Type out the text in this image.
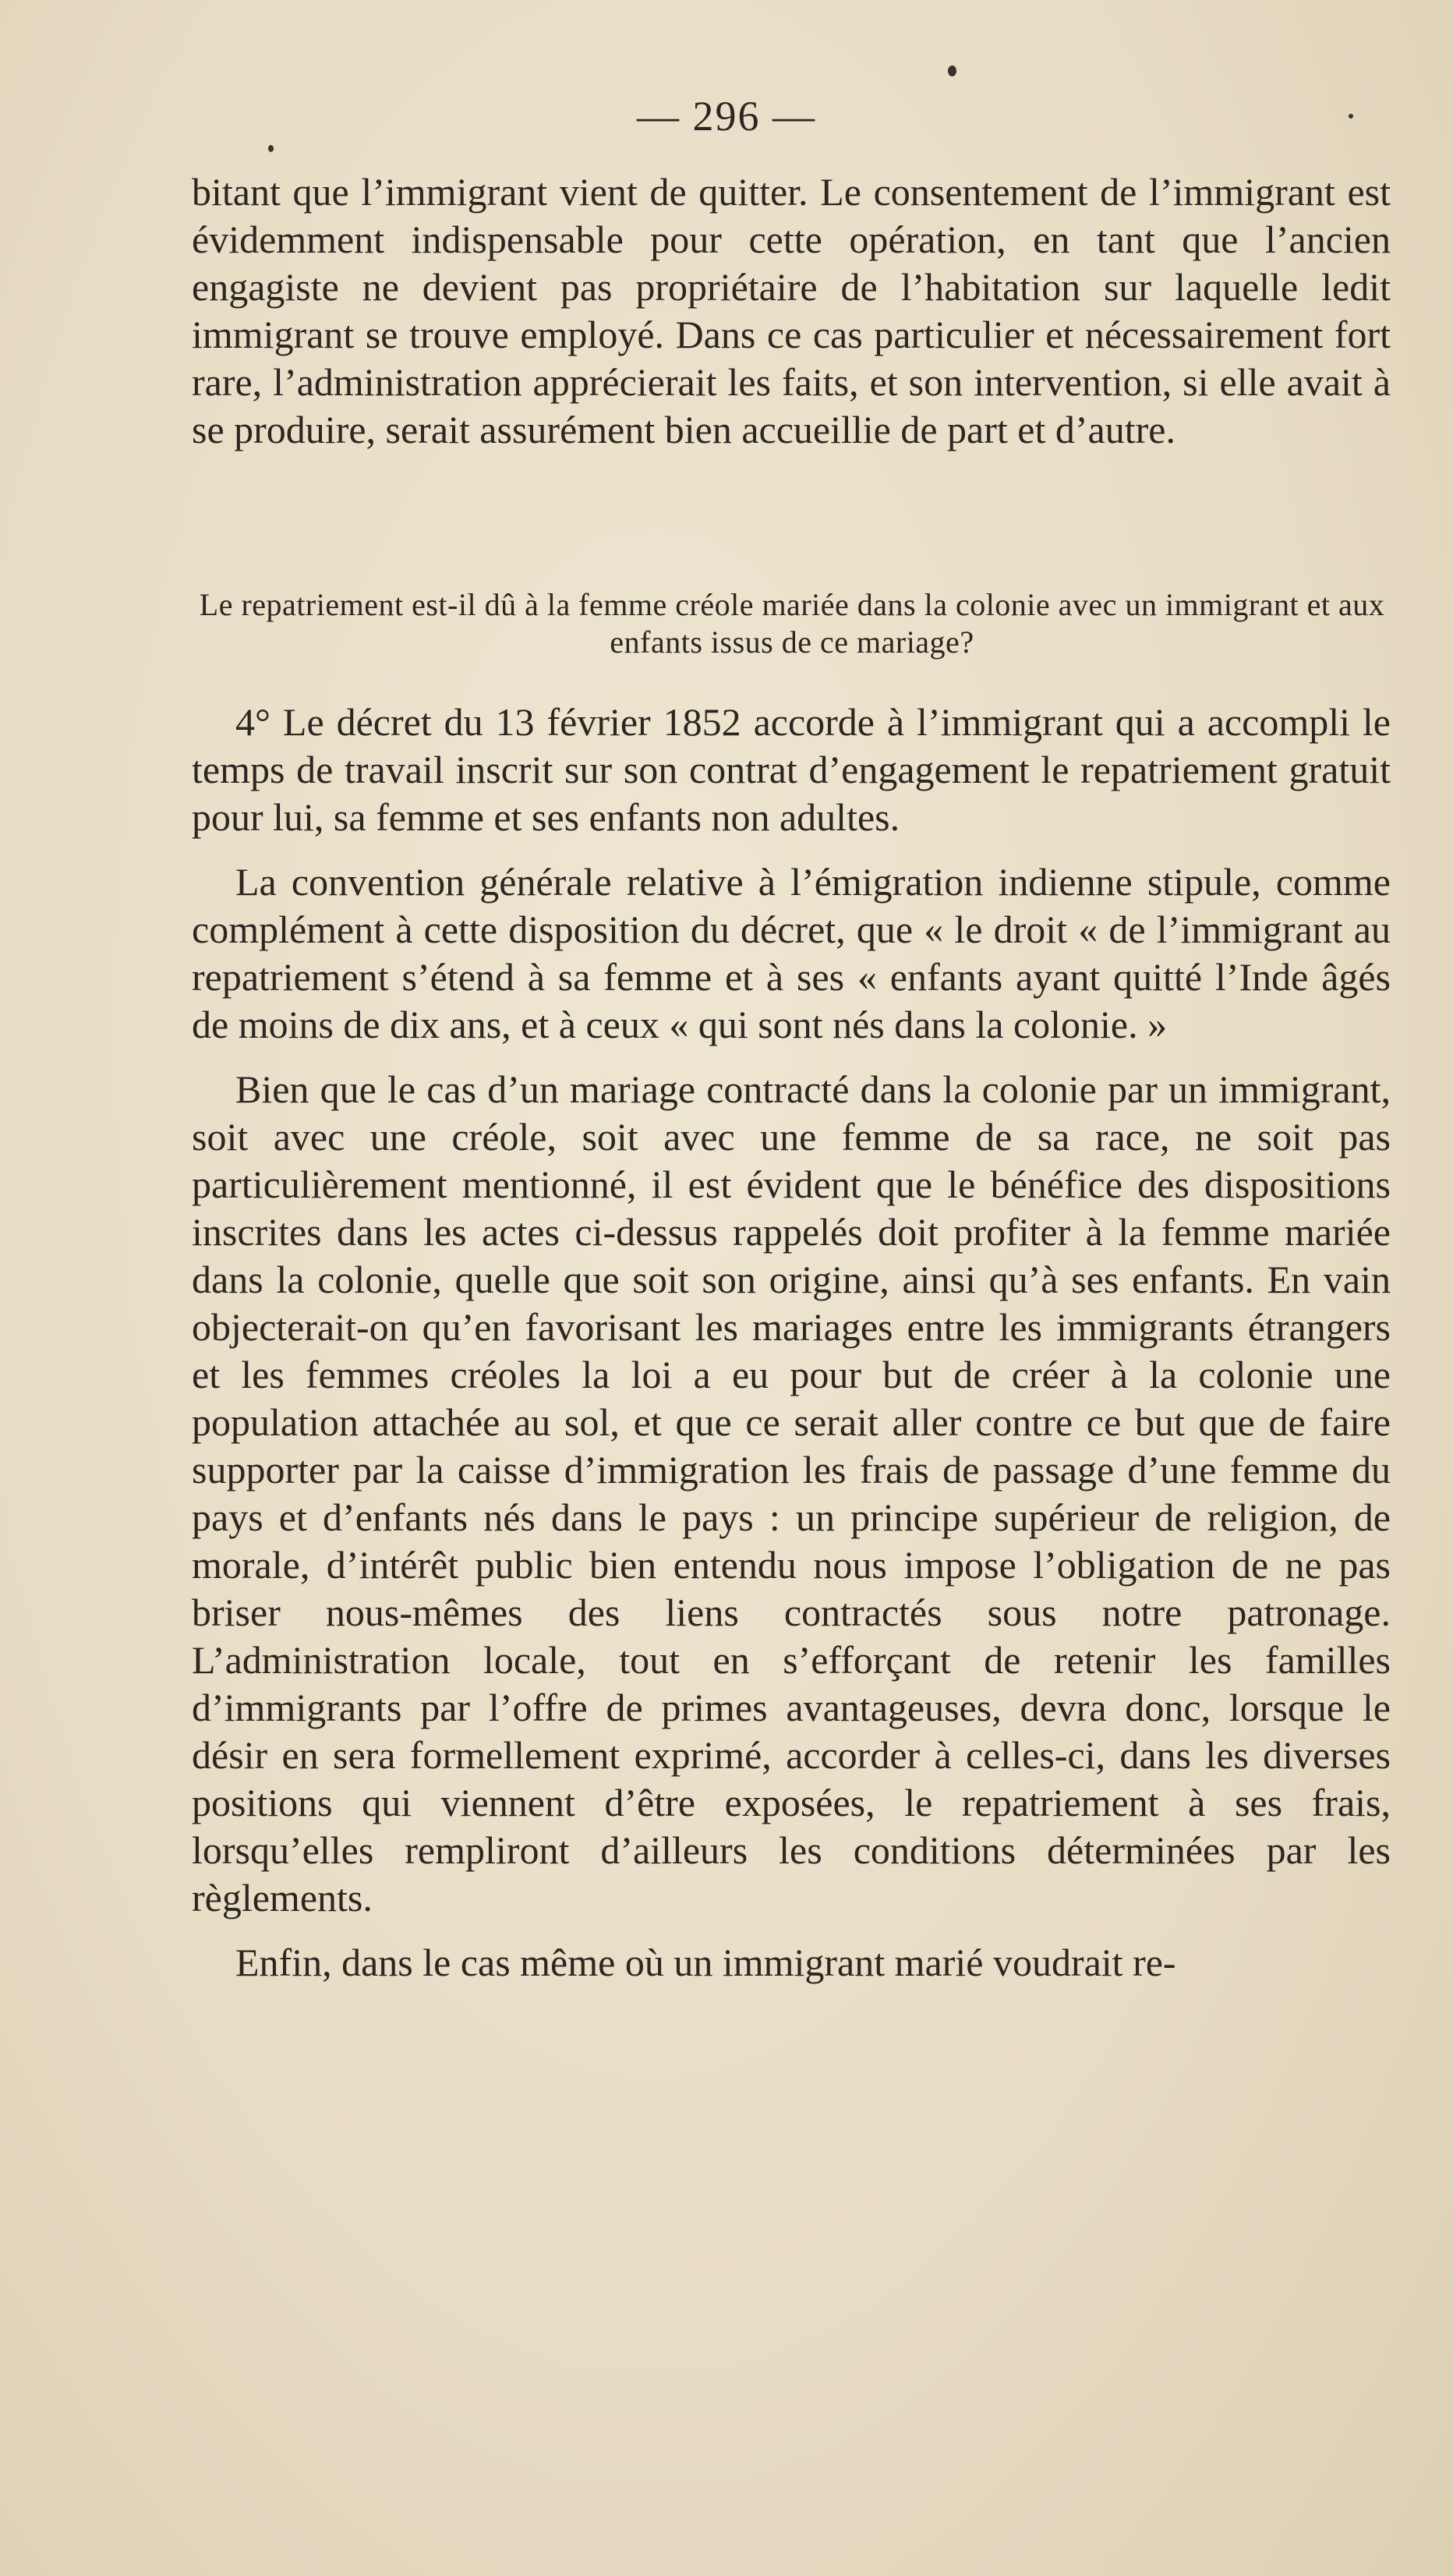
— 296 —

bitant que l’immigrant vient de quitter. Le consentement de l’immigrant est évidemment indispensable pour cette opération, en tant que l’ancien engagiste ne devient pas propriétaire de l’habitation sur laquelle ledit immigrant se trouve employé. Dans ce cas particulier et nécessairement fort rare, l’administration apprécierait les faits, et son intervention, si elle avait à se produire, serait assurément bien accueillie de part et d’autre.

Le repatriement est-il dû à la femme créole mariée dans la colonie avec un immigrant et aux enfants issus de ce mariage?

4° Le décret du 13 février 1852 accorde à l’immigrant qui a accompli le temps de travail inscrit sur son contrat d’engagement le repatriement gratuit pour lui, sa femme et ses enfants non adultes.

La convention générale relative à l’émigration indienne stipule, comme complément à cette disposition du décret, que « le droit « de l’immigrant au repatriement s’étend à sa femme et à ses « enfants ayant quitté l’Inde âgés de moins de dix ans, et à ceux « qui sont nés dans la colonie. »

Bien que le cas d’un mariage contracté dans la colonie par un immigrant, soit avec une créole, soit avec une femme de sa race, ne soit pas particulièrement mentionné, il est évident que le bénéfice des dispositions inscrites dans les actes ci-dessus rappelés doit profiter à la femme mariée dans la colonie, quelle que soit son origine, ainsi qu’à ses enfants. En vain objecterait-on qu’en favorisant les mariages entre les immigrants étrangers et les femmes créoles la loi a eu pour but de créer à la colonie une population attachée au sol, et que ce serait aller contre ce but que de faire supporter par la caisse d’immigration les frais de passage d’une femme du pays et d’enfants nés dans le pays : un principe supérieur de religion, de morale, d’intérêt public bien entendu nous impose l’obligation de ne pas briser nous-mêmes des liens contractés sous notre patronage. L’administration locale, tout en s’efforçant de retenir les familles d’immigrants par l’offre de primes avantageuses, devra donc, lorsque le désir en sera formellement exprimé, accorder à celles-ci, dans les diverses positions qui viennent d’être exposées, le repatriement à ses frais, lorsqu’elles rempliront d’ailleurs les conditions déterminées par les règlements.

Enfin, dans le cas même où un immigrant marié voudrait re-
